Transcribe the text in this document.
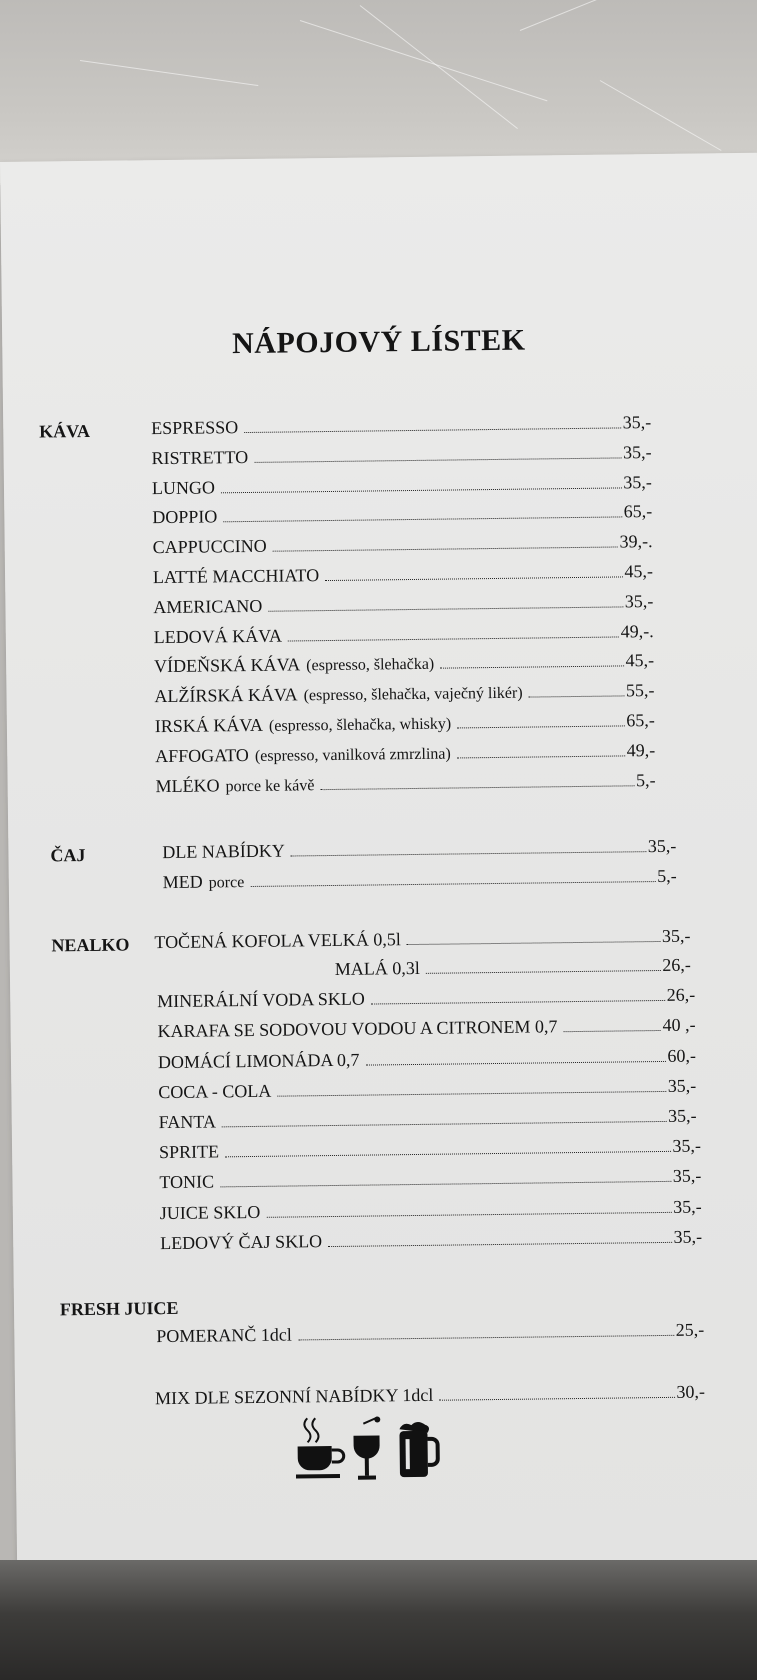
NÁPOJOVÝ LÍSTEK
KÁVA	ESPRESSO	35,-
RISTRETTO	35,-
LUNGO	35,-
DOPPIO	65,-
CAPPUCCINO	39,-.
LATTÉ MACCHIATO	45,-
AMERICANO	35,-
LEDOVÁ KÁVA	49,-.
VÍDEŇSKÁ KÁVA (espresso, šlehačka)	45,-
ALŽÍRSKÁ KÁVA (espresso, šlehačka, vaječný likér)	55,-
IRSKÁ KÁVA (espresso, šlehačka, whisky)	65,-
AFFOGATO (espresso, vanilková zmrzlina)	49,-
MLÉKO porce ke kávě	5,-
ČAJ	DLE NABÍDKY	35,-
MED porce	5,-
NEALKO TOČENÁ KOFOLA VELKÁ 0,5l	35,-
MALÁ 0,3l	26,-
MINERÁLNÍ VODA SKLO	26,-
KARAFA SE SODOVOU VODOU A CITRONEM 0,7	40 ,-
DOMÁCÍ LIMONÁDA 0,7	60,-
COCA - COLA	35,-
FANTA	35,-
SPRITE	35,-
TONIC	35,-
JUICE SKLO	35,-
LEDOVÝ ČAJ SKLO	35,-
FRESH JUICE
POMERANČ 1dcl	25,-
MIX DLE SEZONNÍ NABÍDKY 1dcl	30,-
